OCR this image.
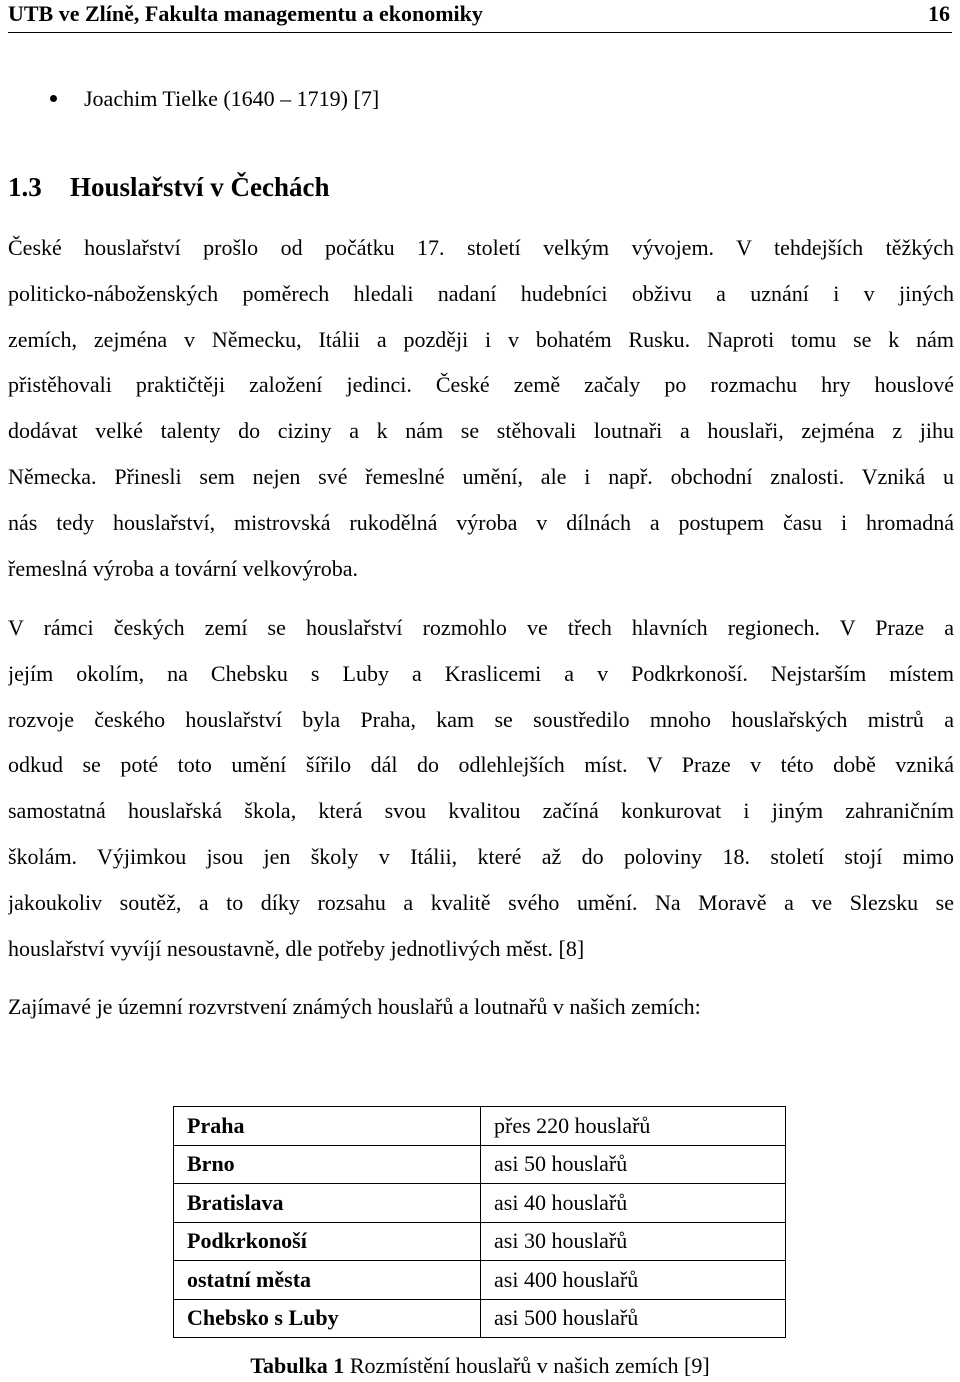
UTB ve Zlíně, Fakulta managementu a ekonomiky	16
Joachim Tielke (1640 – 1719) [7]
1.3 Houslařství v Čechách
České houslařství prošlo od počátku 17. století velkým vývojem. V tehdejších těžkých
politicko-náboženských poměrech hledali nadaní hudebníci obživu a uznání i v jiných
zemích, zejména v Německu, Itálii a později i v bohatém Rusku. Naproti tomu se k nám
přistěhovali praktičtěji založení jedinci. České země začaly po rozmachu hry houslové
dodávat velké talenty do ciziny a k nám se stěhovali loutnaři a houslaři, zejména z jihu
Německa. Přinesli sem nejen své řemeslné umění, ale i např. obchodní znalosti. Vzniká u
nás tedy houslařství, mistrovská rukodělná výroba v dílnách a postupem času i hromadná
řemeslná výroba a tovární velkovýroba.
V rámci českých zemí se houslařství rozmohlo ve třech hlavních regionech. V Praze a
jejím okolím, na Chebsku s Luby a Kraslicemi a v Podkrkonoší. Nejstarším místem
rozvoje českého houslařství byla Praha, kam se soustředilo mnoho houslařských mistrů a
odkud se poté toto umění šířilo dál do odlehlejších míst. V Praze v této době vzniká
samostatná houslařská škola, která svou kvalitou začíná konkurovat i jiným zahraničním
školám. Výjimkou jsou jen školy v Itálii, které až do poloviny 18. století stojí mimo
jakoukoliv soutěž, a to díky rozsahu a kvalitě svého umění. Na Moravě a ve Slezsku se
houslařství vyvíjí nesoustavně, dle potřeby jednotlivých měst. [8]
Zajímavé je územní rozvrstvení známých houslařů a loutnařů v našich zemích:
Praha	přes 220 houslařů
Brno	asi 50 houslařů
Bratislava	asi 40 houslařů
Podkrkonoší	asi 30 houslařů
ostatní města	asi 400 houslařů
Chebsko s Luby	asi 500 houslařů
Tabulka 1 Rozmístění houslařů v našich zemích [9]
